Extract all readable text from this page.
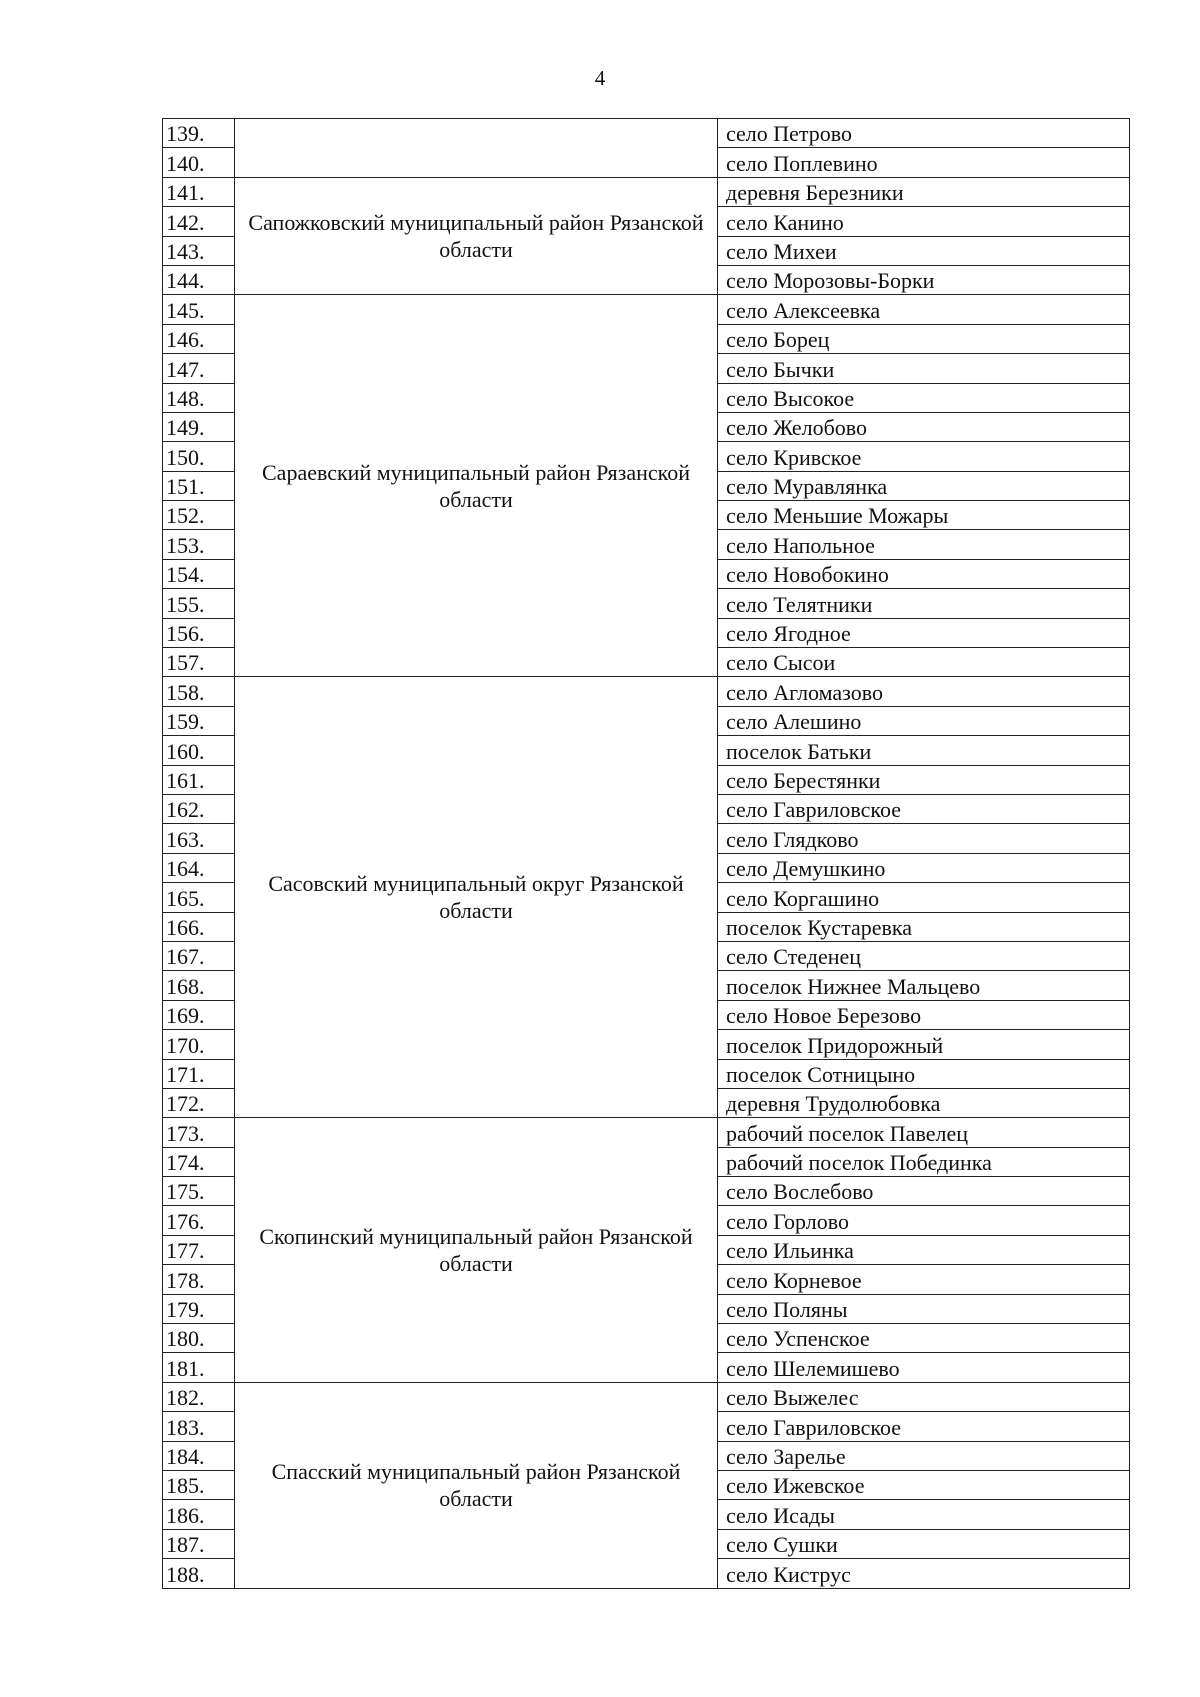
4
139.		село Петрово
140.		село Поплевино
141.	Сапожковский муниципальный район Рязанской области	деревня Березники
142.		село Канино
143.		село Михеи
144.		село Морозовы-Борки
145.	Сараевский муниципальный район Рязанской области	село Алексеевка
146.		село Борец
147.		село Бычки
148.		село Высокое
149.		село Желобово
150.		село Кривское
151.		село Муравлянка
152.		село Меньшие Можары
153.		село Напольное
154.		село Новобокино
155.		село Телятники
156.		село Ягодное
157.		село Сысои
158.	Сасовский муниципальный округ Рязанской области	село Агломазово
159.		село Алешино
160.		поселок Батьки
161.		село Берестянки
162.		село Гавриловское
163.		село Глядково
164.		село Демушкино
165.		село Коргашино
166.		поселок Кустаревка
167.		село Стеденец
168.		поселок Нижнее Мальцево
169.		село Новое Березово
170.		поселок Придорожный
171.		поселок Сотницыно
172.		деревня Трудолюбовка
173.	Скопинский муниципальный район Рязанской области	рабочий поселок Павелец
174.		рабочий поселок Побединка
175.		село Вослебово
176.		село Горлово
177.		село Ильинка
178.		село Корневое
179.		село Поляны
180.		село Успенское
181.		село Шелемишево
182.	Спасский муниципальный район Рязанской области	село Выжелес
183.		село Гавриловское
184.		село Зарелье
185.		село Ижевское
186.		село Исады
187.		село Сушки
188.		село Киструс
